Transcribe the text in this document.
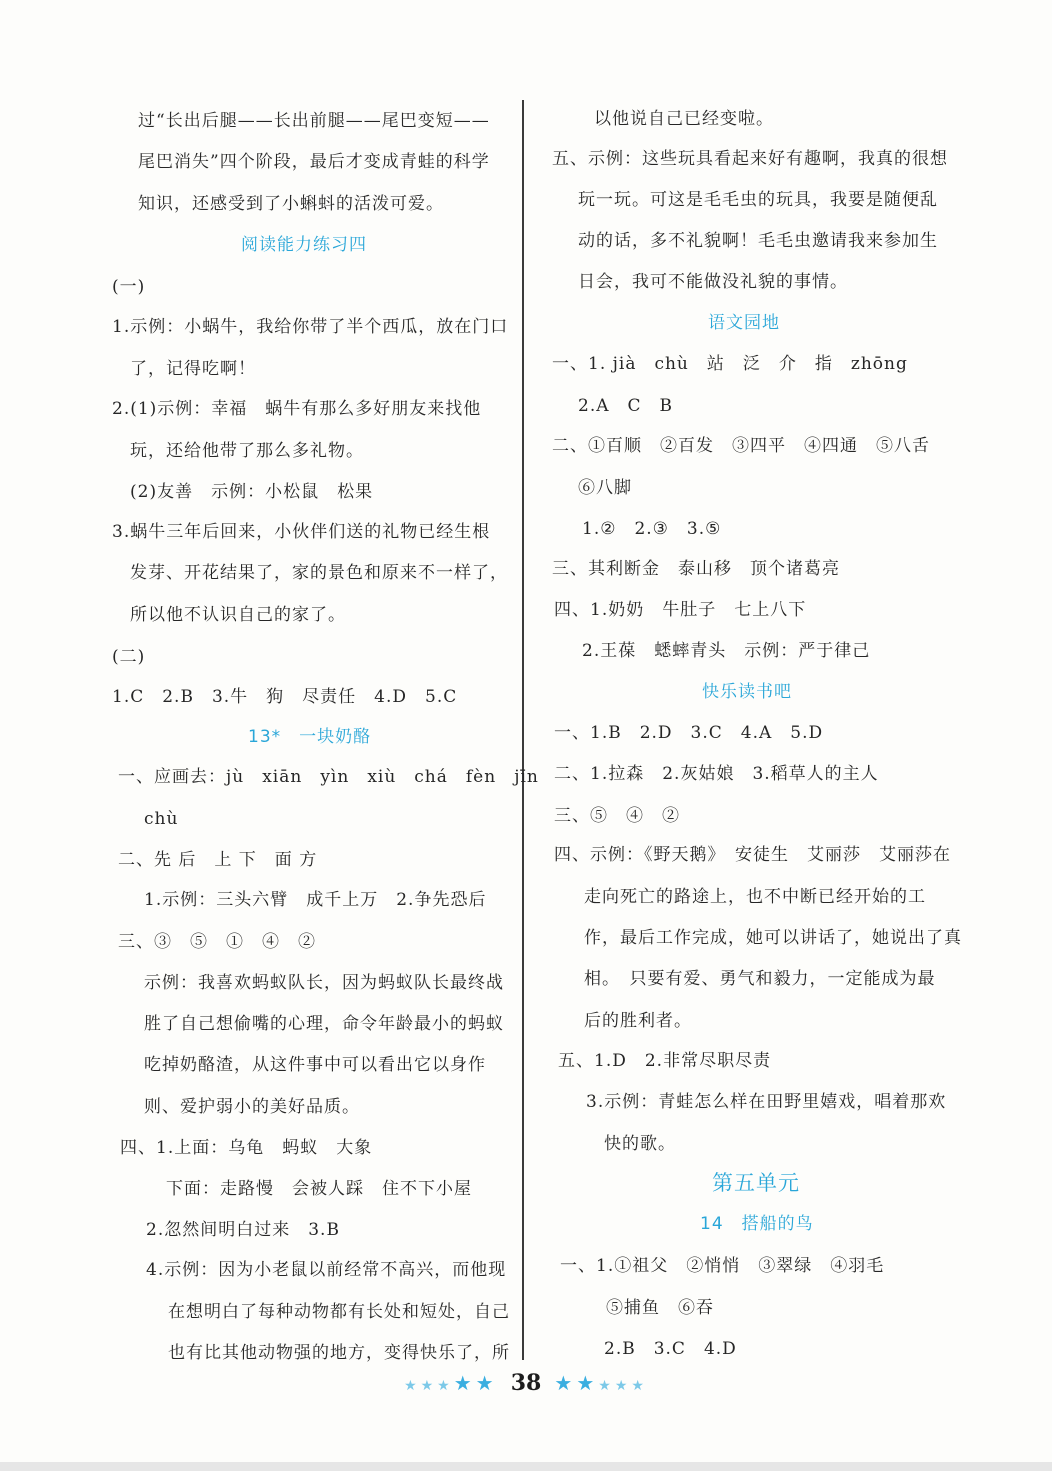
过“长出后腿——长出前腿——尾巴变短——
尾巴消失”四个阶段，最后才变成青蛙的科学
知识，还感受到了小蝌蚪的活泼可爱。
阅读能力练习四
(一)
1.示例：小蜗牛，我给你带了半个西瓜，放在门口
了，记得吃啊！
2.(1)示例：幸福　蜗牛有那么多好朋友来找他
玩，还给他带了那么多礼物。
(2)友善　示例：小松鼠　松果
3.蜗牛三年后回来，小伙伴们送的礼物已经生根
发芽、开花结果了，家的景色和原来不一样了，
所以他不认识自己的家了。
(二)
1.C　2.B　3.牛　狗　尽责任　4.D　5.C
13*　一块奶酪
一、应画去：jù　xiān　yìn　xiù　chá　fèn　jīn
chù
二、先 后　上 下　面 方
1.示例：三头六臂　成千上万　2.争先恐后
三、③　⑤　①　④　②
示例：我喜欢蚂蚁队长，因为蚂蚁队长最终战
胜了自己想偷嘴的心理，命令年龄最小的蚂蚁
吃掉奶酪渣，从这件事中可以看出它以身作
则、爱护弱小的美好品质。
四、1.上面：乌龟　蚂蚁　大象
下面：走路慢　会被人踩　住不下小屋
2.忽然间明白过来　3.B
4.示例：因为小老鼠以前经常不高兴，而他现
在想明白了每种动物都有长处和短处，自己
也有比其他动物强的地方，变得快乐了，所
以他说自己已经变啦。
五、示例：这些玩具看起来好有趣啊，我真的很想
玩一玩。可这是毛毛虫的玩具，我要是随便乱
动的话，多不礼貌啊！毛毛虫邀请我来参加生
日会，我可不能做没礼貌的事情。
语文园地
一、1. jià　chù　站　泛　介　指　zhōng
2.A　C　B
二、①百顺　②百发　③四平　④四通　⑤八舌
⑥八脚
1.②　2.③　3.⑤
三、其利断金　泰山移　顶个诸葛亮
四、1.奶奶　牛肚子　七上八下
2.王葆　蟋蟀青头　示例：严于律己
快乐读书吧
一、1.B　2.D　3.C　4.A　5.D
二、1.拉森　2.灰姑娘　3.稻草人的主人
三、⑤　④　②
四、示例：《野天鹅》　安徒生　艾丽莎　艾丽莎在
走向死亡的路途上，也不中断已经开始的工
作，最后工作完成，她可以讲话了，她说出了真
相。　只要有爱、勇气和毅力，一定能成为最
后的胜利者。
五、1.D　2.非常尽职尽责
3.示例：青蛙怎么样在田野里嬉戏，唱着那欢
快的歌。
第五单元
14　搭船的鸟
一、1.①祖父　②悄悄　③翠绿　④羽毛
⑤捕鱼　⑥吞
2.B　3.C　4.D
★★★★★ 38 ★★★★★
